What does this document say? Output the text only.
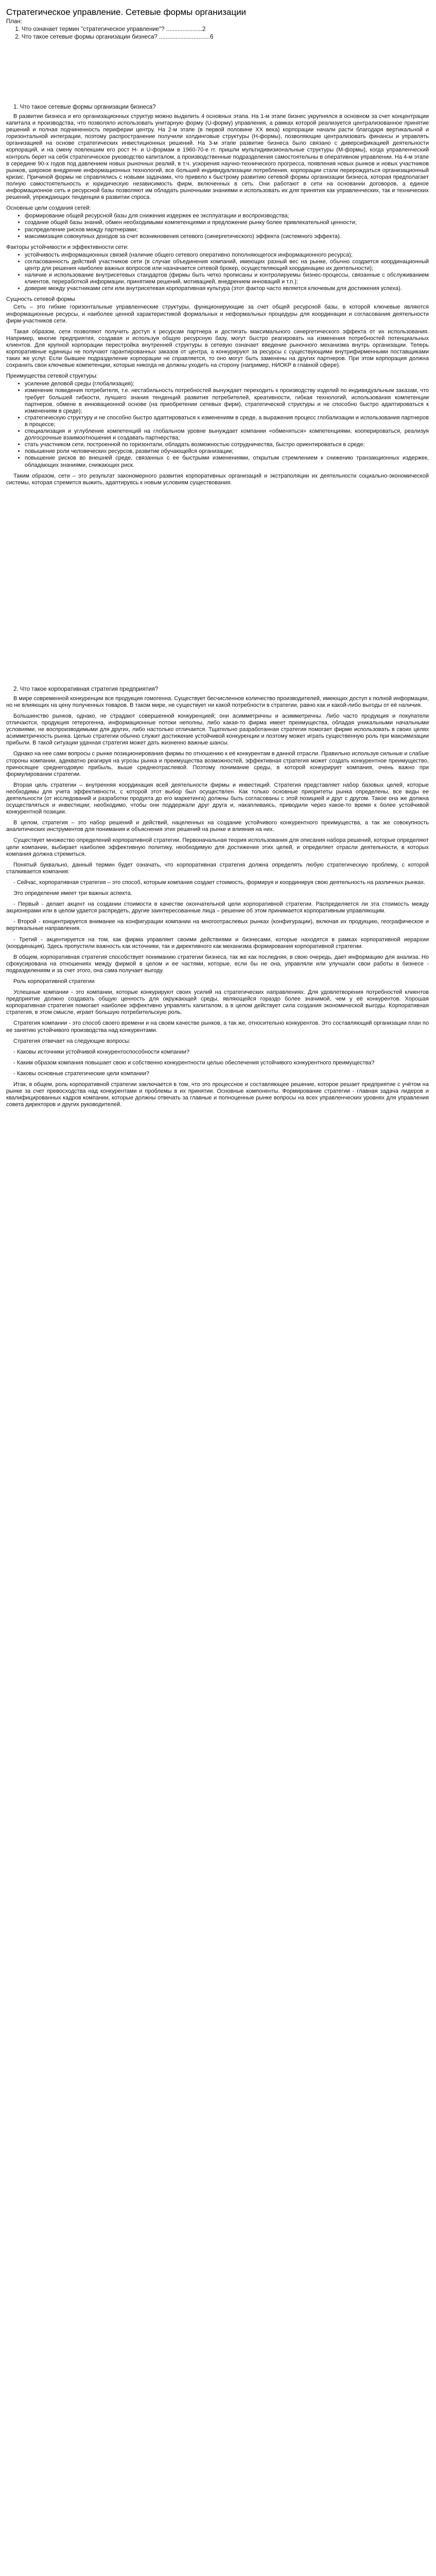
Стратегическое управление. Сетевые формы организации
План:
1. Что означает термин "стратегическое управление"? ......................2
2. Что такое сетевые формы организации бизнеса? ...............................6
1. Что такое сетевые формы организации бизнеса?

В развитии бизнеса и его организационных структур можно выделить 4 основных этапа. На 1-м этапе бизнес укрупнялся в основном за счет концентрации капитала и производства, что позволяло использовать унитарную форму (U-форму) управления, а рамках которой реализуется централизованное принятие решений и полная подчиненность периферии центру. На 2-м этапе (в первой половине XX века) корпорации начали расти благодаря вертикальной и горизонтальной интеграции, поэтому распространение получили холдинговые структуры (Н-формы), позволяющие централизовать финансы и управлять организацией на основе стратегических инвестиционных решений. На 3-м этапе развитие бизнеса было связано с диверсификацией деятельности корпораций, и на смену повлекшим его рост Н- и U-формам в 1960-70-е гг. пришли мультидивизиональные структуры (М-формы), когда управленческий контроль берет на себя стратегическое руководство капиталом, а производственные подразделения самостоятельны в оперативном управлении. На 4-м этапе в середине 90-х годов под давлением новых рыночных реалий, в т.ч. ускорения научно-технического прогресса, появления новых рынков и новых участников рынков, широкое внедрение информационных технологий, все большей индивидуализации потребления, корпорации стали перерождаться организационный кризис. Причиной формы не справлялись с новыми задачами, что привело к быстрому развитию сетевой формы организации бизнеса, которая предполагает полную самостоятельность и юридическую независимость фирм, включенных в сеть. Они работают в сети на основании договоров, а единое информационное сеть и ресурсной базы позволяют им обладать рыночными знаниями и использовать их для принятия как управленческих, так и технических решений, упреждающих тенденции в развитии спроса.

Основные цели создания сетей:

• формирование общей ресурсной базы для снижения издержек ее эксплуатации и воспроизводства;
• создание общей базы знаний, обмен необходимыми компетенциями и предложение рынку более привлекательной ценности;
• распределение рисков между партнерами;
• максимизация совокупных доходов за счет возникновения сетевого (синергетического) эффекта (системного эффекта).

Факторы устойчивости и эффективности сети:

• устойчивость информационных связей (наличие общего сетевого оперативно пополняющегося информационного ресурса);
• согласованность действий участников сети (в случае объединения компаний, имеющих разный вес на рынке, обычно создается координационный центр для решения наиболее важных вопросов или назначается сетевой брокер, осуществляющий координацию их деятельности);
• наличие и использование внутрисетевых стандартов (фирмы быть четко прописаны и контролируемы бизнес-процессы, связанные с обслуживанием клиентов, переработкой информации, принятием решений, мотивацией, внедрением инноваций и т.п.);
• доверие между участниками сети или внутрисетевая корпоративная культура (этот фактор часто является ключевым для достижения успеха).

Сущность сетевой формы

Сеть – это гибкие горизонтальные управленческие структуры, функционирующие за счет общей ресурсной базы, в которой ключевые являются информационные ресурсы, и наиболее ценной характеристикой формальных и неформальных процедуры для координации и согласования деятельности фирм-участников сети.

Такая образом, сети позволяют получить доступ к ресурсам партнера и достигать максимального синергетического эффекта от их использования. Например, многие предприятия, создавая и используя общую ресурсную базу, могут быстро реагировать на изменения потребностей потенциальных клиентов. Для крупной корпорации перестройка внутренней структуры в сетевую означает введение рыночного механизма внутрь организации. Теперь корпоративные единицы не получают гарантированных заказов от центра, а конкурируют за ресурсы с существующими внутрифирменными поставщиками таких же услуг. Если бывшее подразделение корпорации не справляется, то оно могут быть заменены на других партнеров. При этом корпорация должна сохранить свои ключевые компетенции, которые никогда не должны уходить на сторону (например, НИОКР в главной сфере).

Преимущества сетевой структуры:

• усиление деловой среды (глобализация);
• изменение поведения потребителя, т.е. нестабильность потребностей вынуждает переходить к производству изделий по индивидуальным заказам, что требует большей гибкости, лучшего знания тенденций развития потребителей, креативности, гибкая технологий, использования компетенции партнеров, обмене в инновационной основе (на приобретении сетевых фирм), стратегической структуры и не способно быстро адаптироваться к изменениям в среде);
• стратегическую структуру и не способно быстро адаптироваться к изменениям в среде, а выражения процесс глобализации и использования партнеров в процессе;
• специализация и углубление компетенций на глобальном уровне вынуждает компании «обменяться» компетенциями, кооперироваться, реализуя долгосрочные взаимоотношения и создавать партнерства;
• стать участником сети, построенной по горизонтали, обладать возможностью сотрудничества, быстро ориентироваться в среде;
• повышение роли человеческих ресурсов, развитие обучающейся организации;
• повышение рисков во внешней среде, связанных с ее быстрыми изменениями, открытым стремлением к снижению транзакционных издержек, обладающих знаниями, снижающих риск.

Таким образом, сети – это результат закономерного развития корпоративных организаций и экстраполяции их деятельности социально-экономической системы, которая стремится выжить, адаптируясь к новым условиям существования.

2. Что такое корпоративная стратегия предприятия?

В мире современной конкуренции все продукция гомогенна. Существует бесчисленное количество производителей, имеющих доступ к полной информации, но не влияющих на цену полученных товаров. В таком мире, не существует ни какой потребности в стратегии, равно как и какой-либо выгоды от её наличия.

Большинство рынков, однако, не страдают совершенной конкуренцией; они асимметричны и асимметричны. Либо часто продукция и покупатели отличаются, продукция гетерогенна, информационные потоки неполны, либо какая-то фирма имеет преимущества, обладая уникальными начальными условиями, не воспроизводимыми для других, либо настолько отличается. Тщательно разработанная стратегия помогает фирме использовать в своих целях асимметричность рынка. Целью стратегии обычно служит достижение устойчивой конкуренции и поэтому может играть существенную роль при максимизации прибыли. В такой ситуации удачная стратегия может дать жизненно важные шансы.

Однако на нее сами вопросы с рынке позиционирования фирмы по отношению к её конкурентам в данной отрасли. Правильно используя сильные и слабые стороны компании, адекватно реагируя на угрозы рынка и преимущества возможностей, эффективная стратегия может создать конкурентное преимущество, приносящее среднегодовую прибыль, выше среднеотраслевой. Поэтому понимание среды, в которой конкурирует компания, очень важно при формулировании стратегии.

Вторая цель стратегии – внутренняя координация всей деятельности фирмы и инвестиций. Стратегия представляет набор базовых целей, которые необходимы для учета эффективности, с которой этот выбор был осуществлен. Как только основные приоритеты рынка определены, все виды ее деятельности (от исследований и разработки продукта до его маркетинга) должны быть согласованы с этой позицией и друг с другом. Такое она же должна осуществляться и инвестиции; необходимо, чтобы они поддержали друг друга и, накапливаясь, приводили через какое-то время к более устойчивой конкурентной позиции.

В целом, стратегия – это набор решений и действий, нацеленных на создание устойчивого конкурентного преимущества, а так же совокупность аналитических инструментов для понимания и объяснения этих решений на рынке и влияния на них.

Существует множество определений корпоративной стратегии. Первоначальная теория использования для описания набора решений, которые определяют цели компании, выбирает наиболее эффективную политику, необходимую для достижения этих целей, и определяет отрасли деятельности, в которых компания должна стремиться.

Понятый буквально, данный термин будет означать, что корпоративная стратегия должна определять любую стратегическую проблему, с которой сталкивается компания:

- Сейчас, корпоративная стратегия – это способ, которым компания создает стоимость, формируя и координируя свою деятельность на различных рынках.

Это определение имеет три важных аспекта.

- Первый - делает акцент на создании стоимости в качестве окончательной цели корпоративной стратегии. Распределяется ли эта стоимость между акционерами или в целом удается распредеть, другие заинтересованные лица – решение об этом принимается корпоративным управляющим.

- Второй - концентрируется внимание на конфигурации компании на многоотраслевых рынках (конфигурации), включая их продукцию, географическое и вертикальные направления.

- Третий - акцентируется на том, как фирма управляет своими действиями и бизнесами, которые находятся в рамках корпоративной иерархии (координация). Здесь пропустили важность как источники, так и директивного как механизма формирования корпоративной стратегии.

В общем, корпоративная стратегия способствует пониманию стратегии бизнеса, так же как последняя, в свою очередь, дает информацию для анализа. Но сфокусирована на отношениях между фирмой в целом и ее частями, которые, если бы не она, управляли или улучшали свои работы в бизнесе - подразделениям и за счет этого, она сама получает выгоду.

Роль корпоративной стратегии

Успешные компании - это компании, которые конкурируют своих усилий на стратегических направлениях. Для удовлетворения потребностей клиентов предприятие должно создавать общую ценность для окружающей среды, являющейся гораздо более значимой, чем у её конкурентов. Хорошая корпоративная стратегия помогает наиболее эффективно управлять капиталом, а в целом действует сила создания экономической выгоды. Корпоративная стратегия, в этом смысле, играет большую потребительскую роль.

Стратегия компании - это способ своего времени и на своем качестве рынков, а так же, относительно конкурентов. Это составляющий организации план по ее занятию устойчивого производства над конкурентами.

Стратегия отвечает на следующие вопросы:

- Каковы источники устойчивой конкурентоспособности компании?

- Каким образом компания повышает свою и собственно конкурентности целью обеспечения устойчивого конкурентного преимущества?

- Каковы основные стратегические цели компании?

Итак, в общем, роль корпоративной стратегии заключается в том, что это процессное и составляющее решение, которое решает предприятие с учётом на рынке за счет превосходства над конкурентами и проблемы в их принятии. Основные компоненты. Формирование стратегии - главная задача лидеров и квалифицированных кадров компании, которые должны отвечать за главные и полноценные рынке вопросы на всех управленческих уровнях для управления совета директоров и других руководителей.
